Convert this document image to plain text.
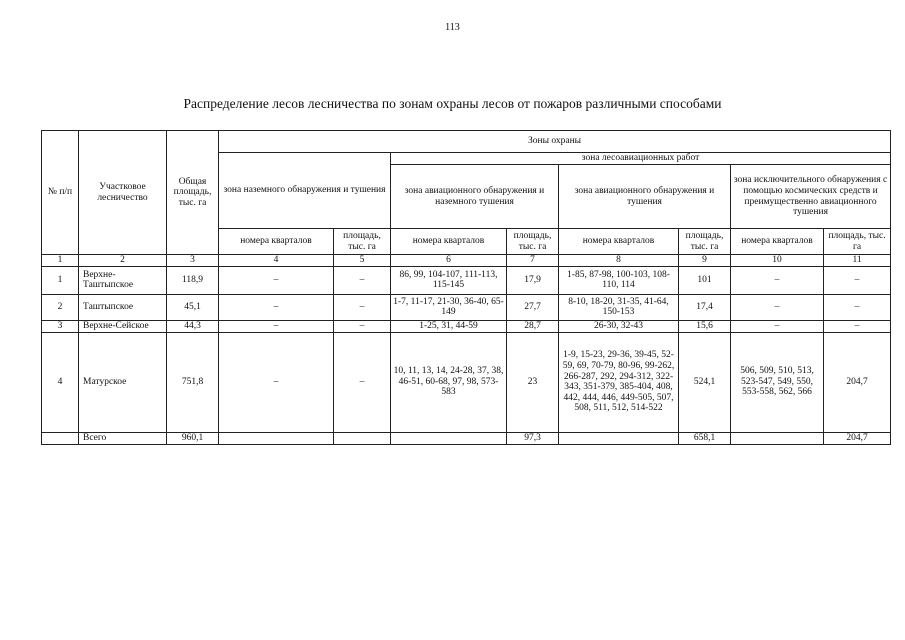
113
Распределение лесов лесничества по зонам охраны лесов от пожаров различными способами
№ п/п	Участковое лесничество	Общая площадь, тыс. га	Зоны охраны							
			зона наземного обнаружения и тушения		зона лесоавиационных работ					
					зона авиационного обнаружения и наземного тушения		зона авиационного обнаружения и тушения		зона исключительного обнаружения с помощью космических средств и преимущественно авиационного тушения	
			номера кварталов	площадь, тыс. га	номера кварталов	площадь, тыс. га	номера кварталов	площадь, тыс. га	номера кварталов	площадь, тыс. га
1	2	3	4	5	6	7	8	9	10	11
1	Верхне-Таштыпское	118,9	–	–	86, 99, 104-107, 111-113, 115-145	17,9	1-85, 87-98, 100-103, 108-110, 114	101	–	–
2	Таштыпское	45,1	–	–	1-7, 11-17, 21-30, 36-40, 65-149	27,7	8-10, 18-20, 31-35, 41-64, 150-153	17,4	–	–
3	Верхне-Сейское	44,3	–	–	1-25, 31, 44-59	28,7	26-30, 32-43	15,6	–	–
4	Матурское	751,8	–	–	10, 11, 13, 14, 24-28, 37, 38, 46-51, 60-68, 97, 98, 573-583	23	1-9, 15-23, 29-36, 39-45, 52-59, 69, 70-79, 80-96, 99-262, 266-287, 292, 294-312, 322-343, 351-379, 385-404, 408, 442, 444, 446, 449-505, 507, 508, 511, 512, 514-522	524,1	506, 509, 510, 513, 523-547, 549, 550, 553-558, 562, 566	204,7
	Всего	960,1				97,3		658,1		204,7
